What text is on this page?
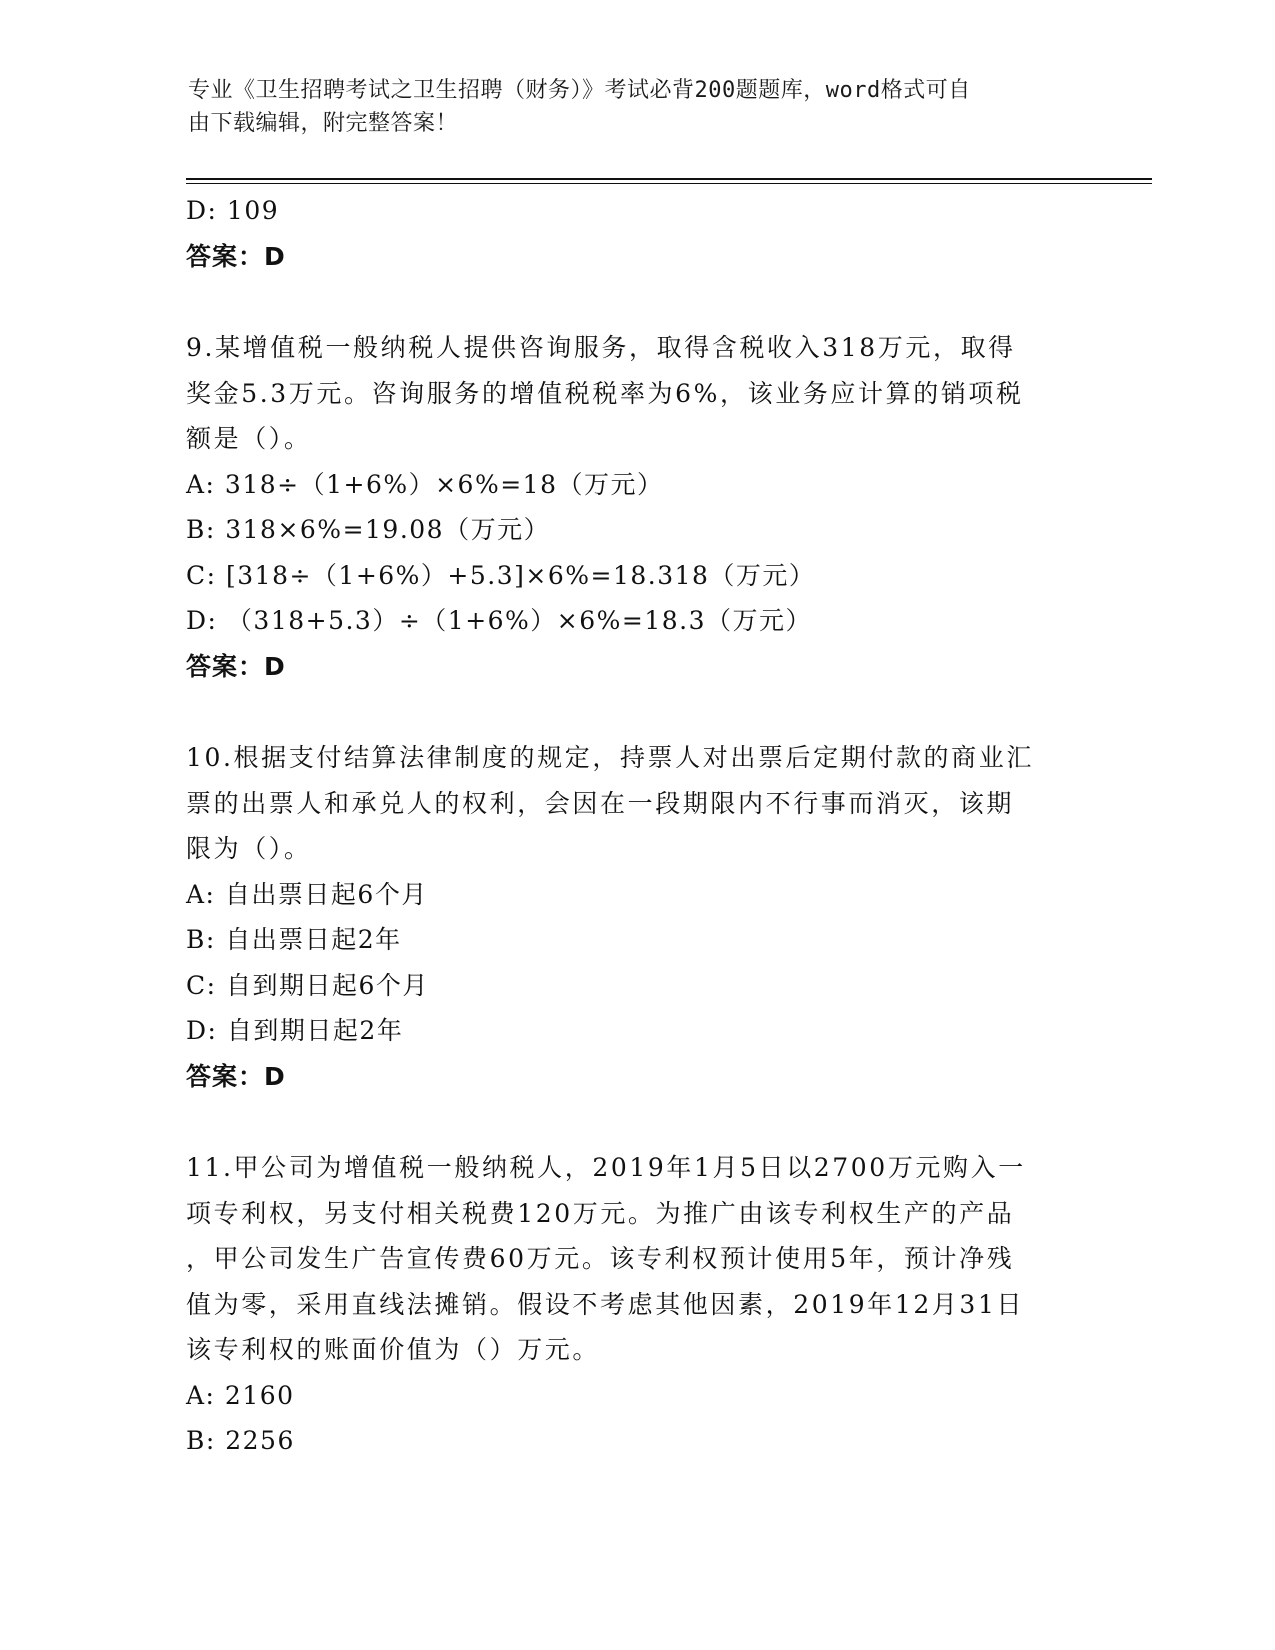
专业《卫生招聘考试之卫生招聘（财务）》考试必背200题题库，word格式可自
由下载编辑，附完整答案！
D: 109
答案：D
9.某增值税一般纳税人提供咨询服务，取得含税收入318万元，取得
奖金5.3万元。咨询服务的增值税税率为6%，该业务应计算的销项税
额是（）。
A: 318÷（1+6%）×6%=18（万元）
B: 318×6%=19.08（万元）
C: [318÷（1+6%）+5.3]×6%=18.318（万元）
D: （318+5.3）÷（1+6%）×6%=18.3（万元）
答案：D
10.根据支付结算法律制度的规定，持票人对出票后定期付款的商业汇
票的出票人和承兑人的权利，会因在一段期限内不行事而消灭，该期
限为（）。
A: 自出票日起6个月
B: 自出票日起2年
C: 自到期日起6个月
D: 自到期日起2年
答案：D
11.甲公司为增值税一般纳税人，2019年1月5日以2700万元购入一
项专利权，另支付相关税费120万元。为推广由该专利权生产的产品
，甲公司发生广告宣传费60万元。该专利权预计使用5年，预计净残
值为零，采用直线法摊销。假设不考虑其他因素，2019年12月31日
该专利权的账面价值为（）万元。
A: 2160
B: 2256
